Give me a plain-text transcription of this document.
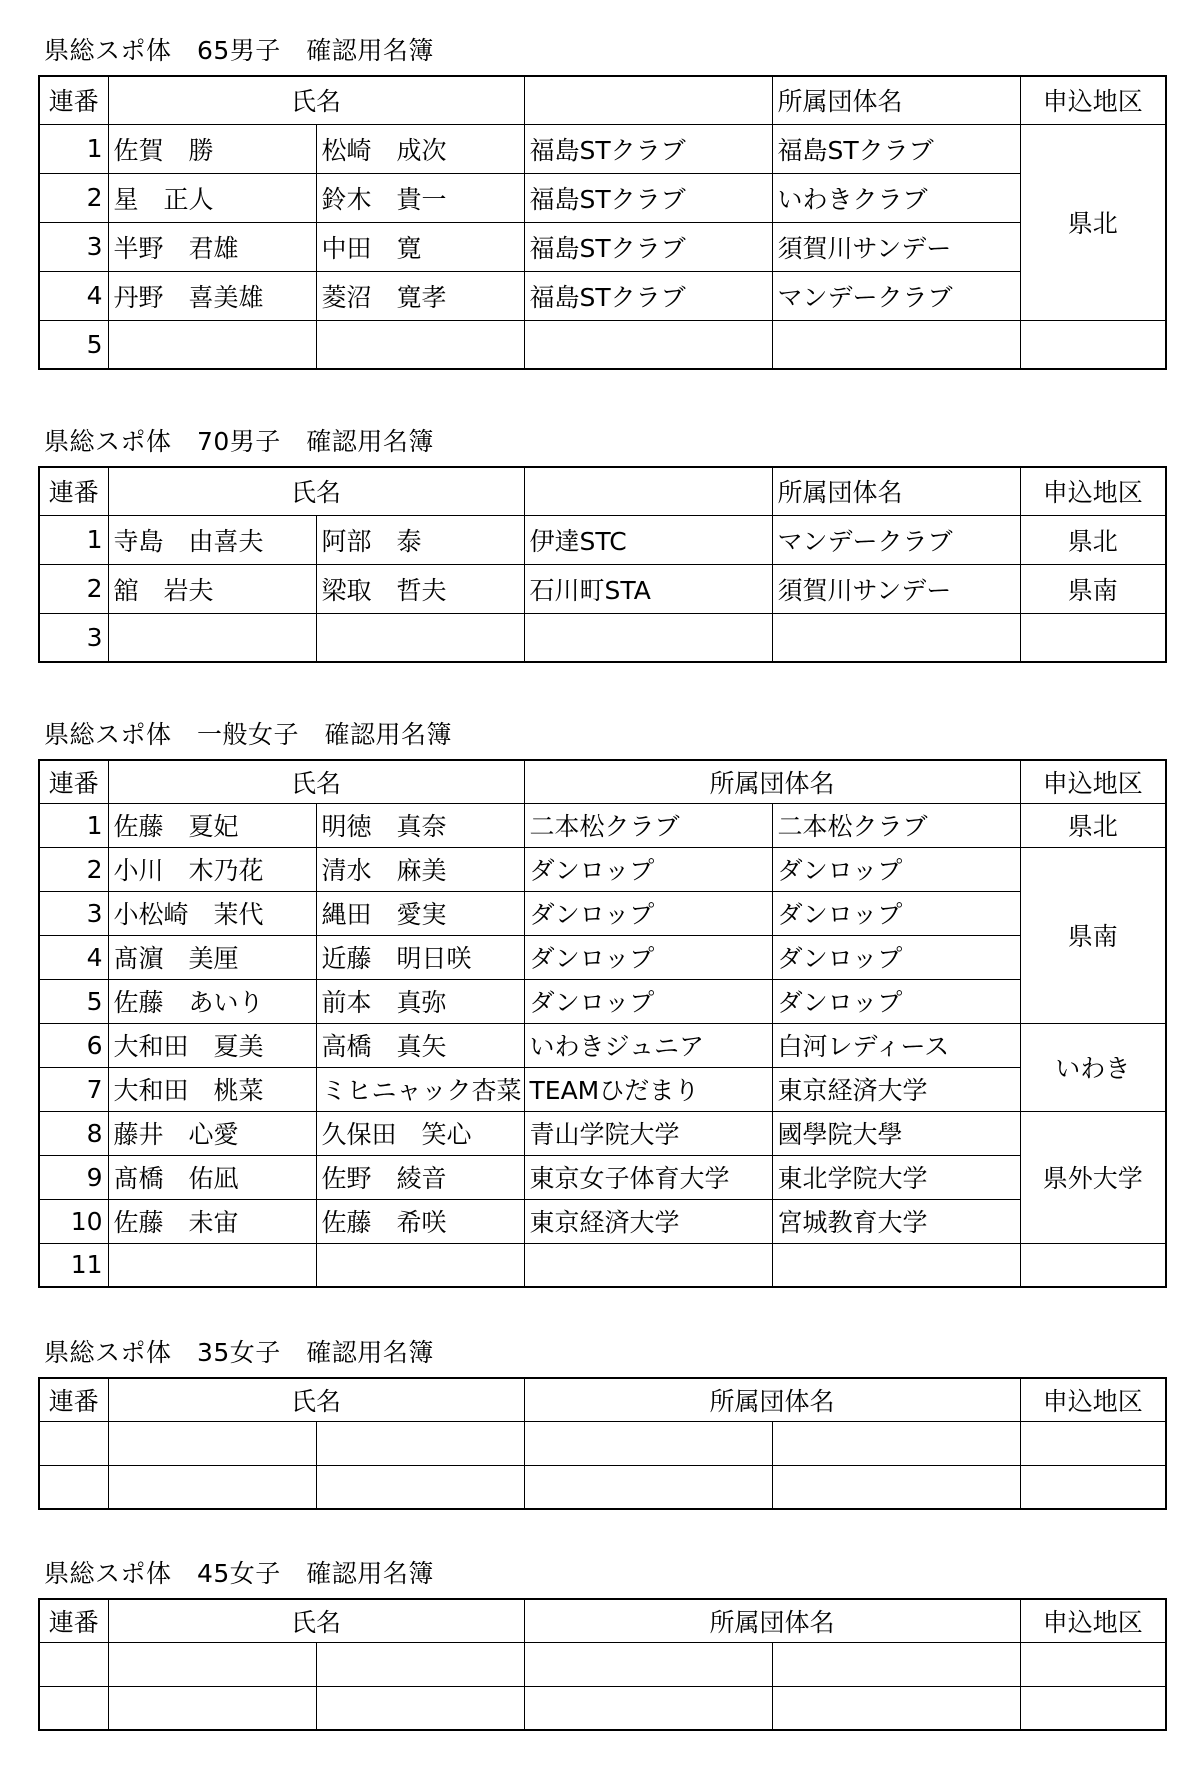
県総スポ体　65男子　確認用名簿
連番	氏名			所属団体名	申込地区
1	佐賀　勝	松崎　成次	福島STクラブ	福島STクラブ	県北
2	星　正人	鈴木　貴一	福島STクラブ	いわきクラブ	
3	半野　君雄	中田　寛	福島STクラブ	須賀川サンデー	
4	丹野　喜美雄	菱沼　寛孝	福島STクラブ	マンデークラブ	
5					
県総スポ体　70男子　確認用名簿
連番	氏名			所属団体名	申込地区
1	寺島　由喜夫	阿部　泰	伊達STC	マンデークラブ	県北
2	舘　岩夫	梁取　哲夫	石川町STA	須賀川サンデー	県南
3					
県総スポ体　一般女子　確認用名簿
連番	氏名		所属団体名		申込地区
1	佐藤　夏妃	明徳　真奈	二本松クラブ	二本松クラブ	県北
2	小川　木乃花	清水　麻美	ダンロップ	ダンロップ	県南
3	小松崎　茉代	縄田　愛実	ダンロップ	ダンロップ	
4	髙濵　美厘	近藤　明日咲	ダンロップ	ダンロップ	
5	佐藤　あいり	前本　真弥	ダンロップ	ダンロップ	
6	大和田　夏美	高橋　真矢	いわきジュニア	白河レディース	いわき
7	大和田　桃菜	ミヒニャック杏菜	TEAMひだまり	東京経済大学	
8	藤井　心愛	久保田　笑心	青山学院大学	國學院大學	県外大学
9	髙橋　佑凪	佐野　綾音	東京女子体育大学	東北学院大学	
10	佐藤　未宙	佐藤　希咲	東京経済大学	宮城教育大学	
11					
県総スポ体　35女子　確認用名簿
連番	氏名		所属団体名		申込地区

県総スポ体　45女子　確認用名簿
連番	氏名		所属団体名		申込地区
